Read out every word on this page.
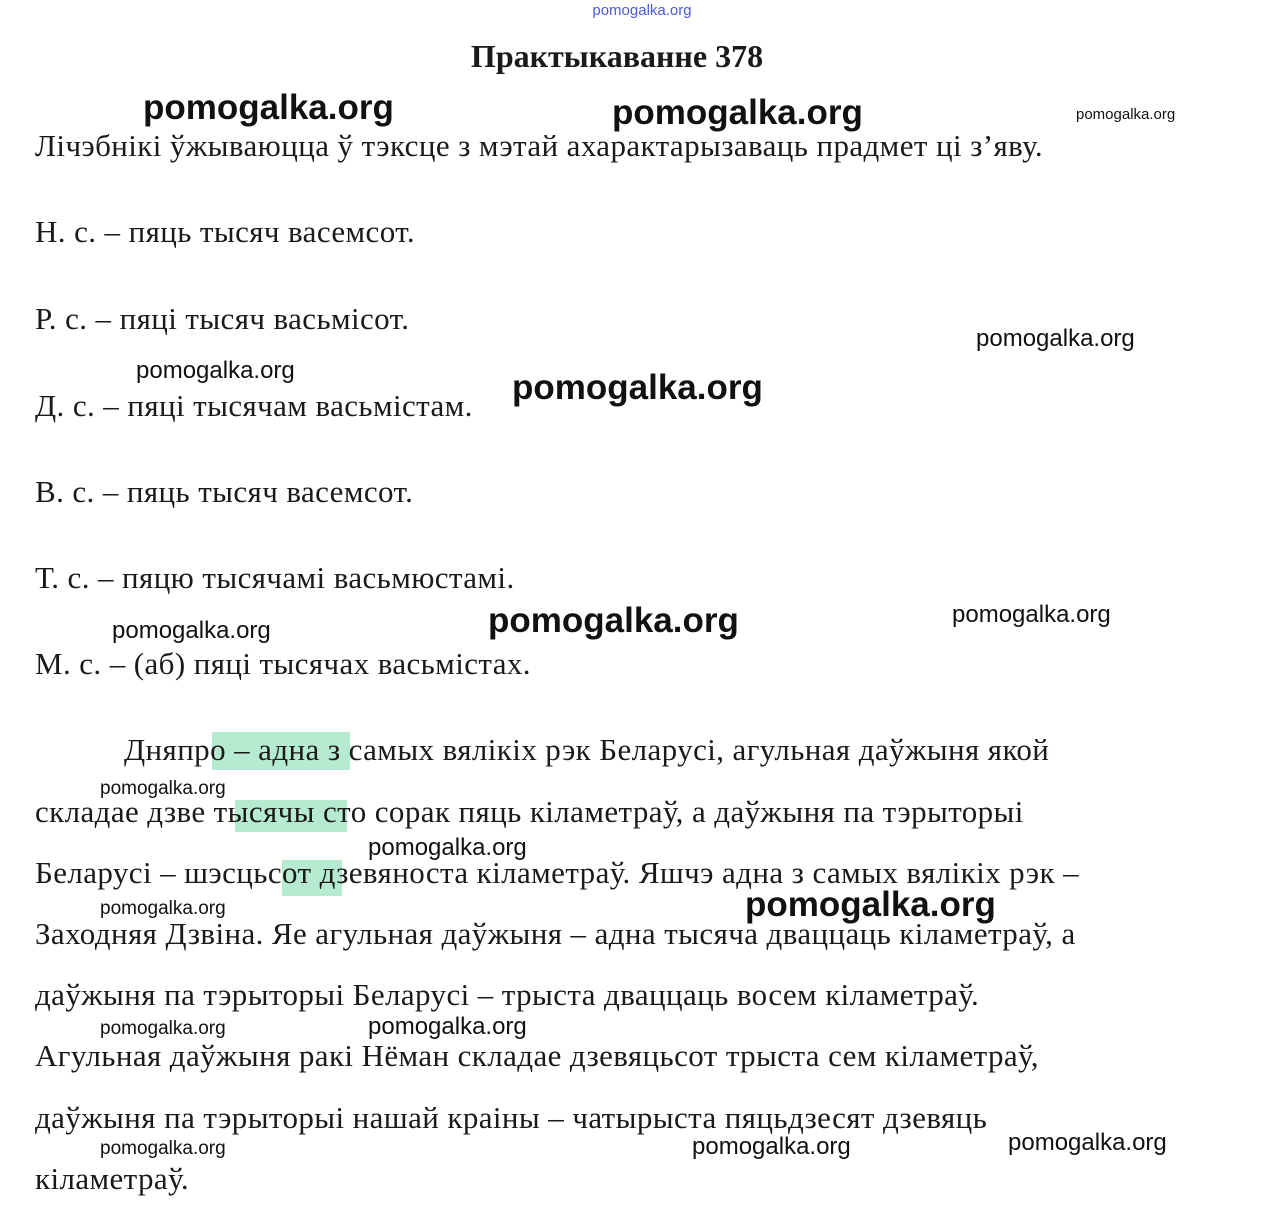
pomogalka.org
Практыкаванне 378
Лічэбнікі ўжываюцца ў тэксце з мэтай ахарактарызаваць прадмет ці з’яву.
Н. с. – пяць тысяч васемсот.
Р. с. – пяці тысяч васьмісот.
Д. с. – пяці тысячам васьмістам.
В. с. – пяць тысяч васемсот.
Т. с. – пяцю тысячамі васьмюстамі.
М. с. – (аб) пяці тысячах васьмістах.
Дняпро – адна з самых вялікіх рэк Беларусі, агульная даўжыня якой
складае дзве тысячы сто сорак пяць кіламетраў, а даўжыня па тэрыторыі
Беларусі – шэсцьсот дзевяноста кіламетраў. Яшчэ адна з самых вялікіх рэк –
Заходняя Дзвіна. Яе агульная даўжыня – адна тысяча дваццаць кіламетраў, а
даўжыня па тэрыторыі Беларусі – трыста дваццаць восем кіламетраў.
Агульная даўжыня ракі Нёман складае дзевяцьсот трыста сем кіламетраў,
даўжыня па тэрыторыі нашай краіны – чатырыста пяцьдзесят дзевяць
кіламетраў.
pomogalka.org	pomogalka.org	pomogalka.org
pomogalka.org
pomogalka.org	pomogalka.org
pomogalka.org
pomogalka.org
pomogalka.org
pomogalka.org
pomogalka.org
pomogalka.org
pomogalka.org
pomogalka.org	pomogalka.org
pomogalka.org	pomogalka.org	pomogalka.org
